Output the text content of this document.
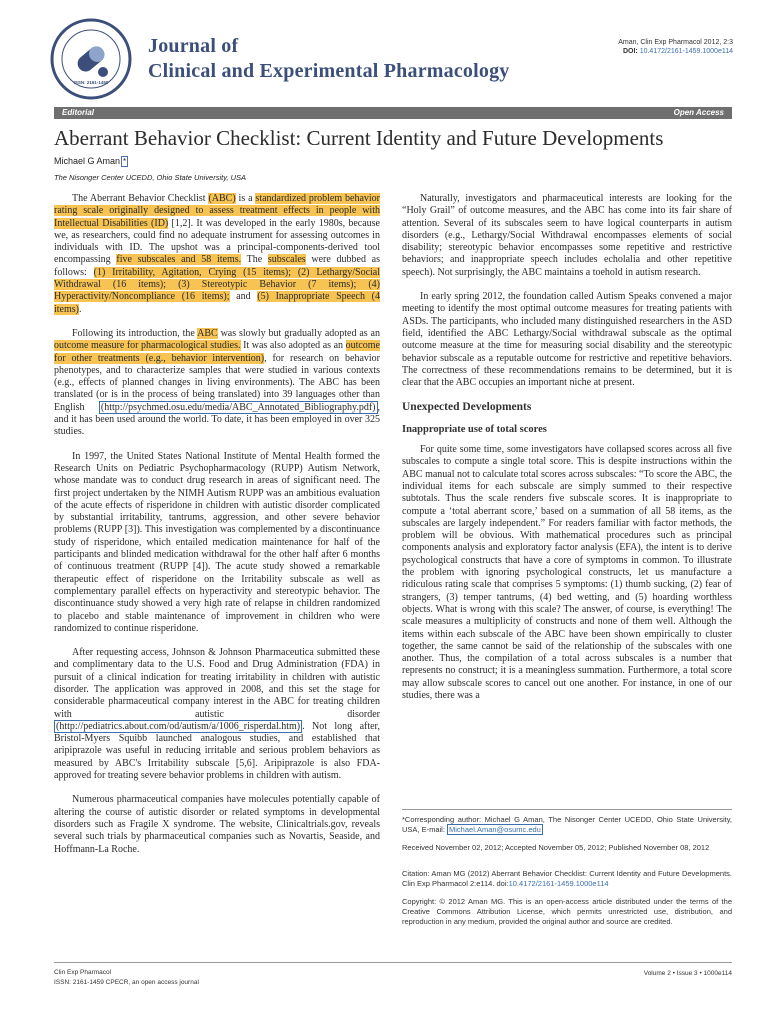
ISSN: 2161-1459
Journal of
Clinical and Experimental Pharmacology
Aman, Clin Exp Pharmacol 2012, 2:3
DOI: 10.4172/2161-1459.1000e114
Editorial	Open Access
Aberrant Behavior Checklist: Current Identity and Future Developments
Michael G Aman *
The Nisonger Center UCEDD, Ohio State University, USA

The Aberrant Behavior Checklist (ABC) is a standardized problem behavior rating scale originally designed to assess treatment effects in people with Intellectual Disabilities (ID) [1,2]. It was developed in the early 1980s, because we, as researchers, could find no adequate instrument for assessing outcomes in individuals with ID. The upshot was a principal-components-derived tool encompassing five subscales and 58 items. The subscales were dubbed as follows: (1) Irritability, Agitation, Crying (15 items); (2) Lethargy/Social Withdrawal (16 items); (3) Stereotypic Behavior (7 items); (4) Hyperactivity/Noncompliance (16 items); and (5) Inappropriate Speech (4 items).

Following its introduction, the ABC was slowly but gradually adopted as an outcome measure for pharmacological studies. It was also adopted as an outcome for other treatments (e.g., behavior intervention), for research on behavior phenotypes, and to characterize samples that were studied in various contexts (e.g., effects of planned changes in living environments). The ABC has been translated (or is in the process of being translated) into 39 languages other than English (http://psychmed.osu.edu/media/ABC_Annotated_Bibliography.pdf) , and it has been used around the world. To date, it has been employed in over 325 studies.

In 1997, the United States National Institute of Mental Health formed the Research Units on Pediatric Psychopharmacology (RUPP) Autism Network, whose mandate was to conduct drug research in areas of significant need. The first project undertaken by the NIMH Autism RUPP was an ambitious evaluation of the acute effects of risperidone in children with autistic disorder complicated by substantial irritability, tantrums, aggression, and other severe behavior problems (RUPP [3]). This investigation was complemented by a discontinuance study of risperidone, which entailed medication maintenance for half of the participants and blinded medication withdrawal for the other half after 6 months of continuous treatment (RUPP [4]). The acute study showed a remarkable therapeutic effect of risperidone on the Irritability subscale as well as complementary parallel effects on hyperactivity and stereotypic behavior. The discontinuance study showed a very high rate of relapse in children randomized to placebo and stable maintenance of improvement in children who were randomized to continue risperidone.

After requesting access, Johnson & Johnson Pharmaceutica submitted these and complimentary data to the U.S. Food and Drug Administration (FDA) in pursuit of a clinical indication for treating irritability in children with autistic disorder. The application was approved in 2008, and this set the stage for considerable pharmaceutical company interest in the ABC for treating children with autistic disorder (http://pediatrics.about.com/od/autism/a/1006_risperdal.htm) . Not long after, Bristol-Myers Squibb launched analogous studies, and established that aripiprazole was useful in reducing irritable and serious problem behaviors as measured by ABC's Irritability subscale [5,6]. Aripiprazole is also FDA-approved for treating severe behavior problems in children with autism.

Numerous pharmaceutical companies have molecules potentially capable of altering the course of autistic disorder or related symptoms in developmental disorders such as Fragile X syndrome. The website, Clinicaltrials.gov, reveals several such trials by pharmaceutical companies such as Novartis, Seaside, and Hoffmann-La Roche.

Naturally, investigators and pharmaceutical interests are looking for the “Holy Grail” of outcome measures, and the ABC has come into its fair share of attention. Several of its subscales seem to have logical counterparts in autism disorders (e.g., Lethargy/Social Withdrawal encompasses elements of social disability; stereotypic behavior encompasses some repetitive and restrictive behaviors; and inappropriate speech includes echolalia and other repetitive speech). Not surprisingly, the ABC maintains a toehold in autism research.

In early spring 2012, the foundation called Autism Speaks convened a major meeting to identify the most optimal outcome measures for treating patients with ASDs. The participants, who included many distinguished researchers in the ASD field, identified the ABC Lethargy/Social withdrawal subscale as the optimal outcome measure at the time for measuring social disability and the stereotypic behavior subscale as a reputable outcome for restrictive and repetitive behaviors. The correctness of these recommendations remains to be determined, but it is clear that the ABC occupies an important niche at present.

Unexpected Developments
Inappropriate use of total scores

For quite some time, some investigators have collapsed scores across all five subscales to compute a single total score. This is despite instructions within the ABC manual not to calculate total scores across subscales: “To score the ABC, the individual items for each subscale are simply summed to their respective subtotals. Thus the scale renders five subscale scores. It is inappropriate to compute a ‘total aberrant score,’ based on a summation of all 58 items, as the subscales are largely independent.” For readers familiar with factor methods, the problem will be obvious. With mathematical procedures such as principal components analysis and exploratory factor analysis (EFA), the intent is to derive psychological constructs that have a core of symptoms in common. To illustrate the problem with ignoring psychological constructs, let us manufacture a ridiculous rating scale that comprises 5 symptoms: (1) thumb sucking, (2) fear of strangers, (3) temper tantrums, (4) bed wetting, and (5) hoarding worthless objects. What is wrong with this scale? The answer, of course, is everything! The scale measures a multiplicity of constructs and none of them well. Although the items within each subscale of the ABC have been shown empirically to cluster together, the same cannot be said of the relationship of the subscales with one another. Thus, the compilation of a total across subscales is a number that represents no construct; it is a meaningless summation. Furthermore, a total score may allow subscale scores to cancel out one another. For instance, in one of our studies, there was a

*Corresponding author: Michael G Aman, The Nisonger Center UCEDD, Ohio State University, USA, E-mail: Michael.Aman@osumc.edu
Received November 02, 2012; Accepted November 05, 2012; Published November 08, 2012
Citation: Aman MG (2012) Aberrant Behavior Checklist: Current Identity and Future Developments. Clin Exp Pharmacol 2:e114. doi:10.4172/2161-1459.1000e114
Copyright: © 2012 Aman MG. This is an open-access article distributed under the terms of the Creative Commons Attribution License, which permits unrestricted use, distribution, and reproduction in any medium, provided the original author and source are credited.
Clin Exp Pharmacol
ISSN: 2161-1459 CPECR, an open access journal
Volume 2 • Issue 3 • 1000e114
